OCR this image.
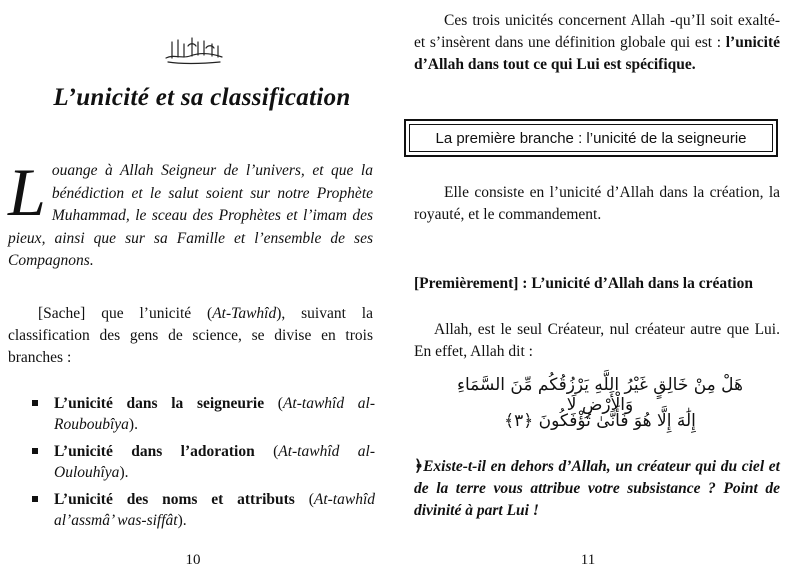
L’unicité et sa classification
Louange à Allah Seigneur de l’univers, et que la bénédiction et le salut soient sur notre Prophète Muhammad, le sceau des Prophètes et l’imam des pieux, ainsi que sur sa Famille et l’ensemble de ses Compagnons.
[Sache] que l’unicité (At-Tawhîd), suivant la classification des gens de science, se divise en trois branches :
L’unicité dans la seigneurie (At-tawhîd al-Rouboubîya).
L’unicité dans l’adoration (At-tawhîd al-Oulouhîya).
L’unicité des noms et attributs (At-tawhîd al’assmâ’ was-siffât).
10
Ces trois unicités concernent Allah -qu’Il soit exalté- et s’insèrent dans une définition globale qui est : l’unicité d’Allah dans tout ce qui Lui est spécifique.
La première branche : l’unicité de la seigneurie
Elle consiste en l’unicité d’Allah dans la création, la royauté, et le commandement.
[Premièrement] : L’unicité d’Allah dans la création
Allah, est le seul Créateur, nul créateur autre que Lui. En effet, Allah dit :
هَلْ مِنْ خَالِقٍ غَيْرُ اللَّهِ يَرْزُقُكُم مِّنَ السَّمَاءِ وَالْأَرْضِ لَا
إِلَٰهَ إِلَّا هُوَ فَأَنَّىٰ تُؤْفَكُونَ ﴿٣﴾
﴿Existe-t-il en dehors d’Allah, un créateur qui du ciel et de la terre vous attribue votre subsistance ? Point de divinité à part Lui !
11
